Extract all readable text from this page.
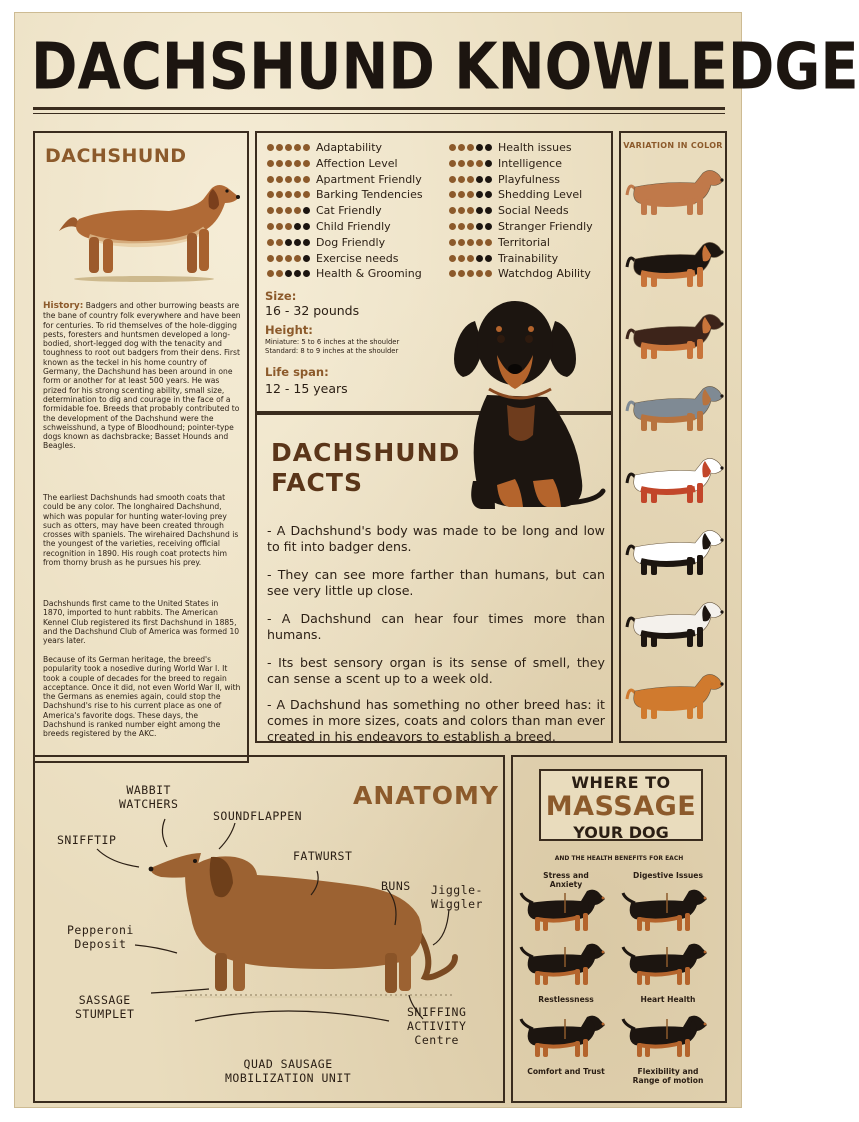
DACHSHUND KNOWLEDGE
DACHSHUND
History: Badgers and other burrowing beasts are the bane of country folk everywhere and have been for centuries. To rid themselves of the hole-digging pests, foresters and huntsmen developed a long-bodied, short-legged dog with the tenacity and toughness to root out badgers from their dens. First known as the teckel in his home country of Germany, the Dachshund has been around in one form or another for at least 500 years. He was prized for his strong scenting ability, small size, determination to dig and courage in the face of a formidable foe. Breeds that probably contributed to the development of the Dachshund were the schweisshund, a type of Bloodhound; pointer-type dogs known as dachsbracke; Basset Hounds and Beagles.
The earliest Dachshunds had smooth coats that could be any color. The longhaired Dachshund, which was popular for hunting water-loving prey such as otters, may have been created through crosses with spaniels. The wirehaired Dachshund is the youngest of the varieties, receiving official recognition in 1890. His rough coat protects him from thorny brush as he pursues his prey.
Dachshunds first came to the United States in 1870, imported to hunt rabbits. The American Kennel Club registered its first Dachshund in 1885, and the Dachshund Club of America was formed 10 years later.
Because of its German heritage, the breed's popularity took a nosedive during World War I. It took a couple of decades for the breed to regain acceptance. Once it did, not even World War II, with the Germans as enemies again, could stop the Dachshund's rise to his current place as one of America's favorite dogs. These days, the Dachshund is ranked number eight among the breeds registered by the AKC.
Adaptability
Affection Level
Apartment Friendly
Barking Tendencies
Cat Friendly
Child Friendly
Dog Friendly
Exercise needs
Health & Grooming
Health issues
Intelligence
Playfulness
Shedding Level
Social Needs
Stranger Friendly
Territorial
Trainability
Watchdog Ability
Size:
16 - 32 pounds
Height:
Miniature: 5 to 6 inches at the shoulder
Standard: 8 to 9 inches at the shoulder
Life span:
12 - 15 years
DACHSHUND
FACTS
- A Dachshund's body was made to be long and low to fit into badger dens.
- They can see more farther than humans, but can see very little up close.
- A Dachshund can hear four times more than humans.
- Its best sensory organ is its sense of smell, they can sense a scent up to a week old.
- A Dachshund has something no other breed has: it comes in more sizes, coats and colors than man ever created in his endeavors to establish a breed.
VARIATION IN COLOR
ANATOMY
WABBIT
WATCHERS
SOUNDFLAPPEN
SNIFFTIP
FATWURST
BUNS Jiggle-
Wiggler
Pepperoni
Deposit
SASSAGE
STUMPLET	SNIFFING
ACTIVITY
Centre
QUAD SAUSAGE
MOBILIZATION UNIT
WHERE TO
MASSAGE
YOUR DOG
AND THE HEALTH BENEFITS FOR EACH
Stress and
Anxiety
Digestive Issues
Restlessness	Heart Health
Comfort and Trust	Flexibility and
Range of motion
